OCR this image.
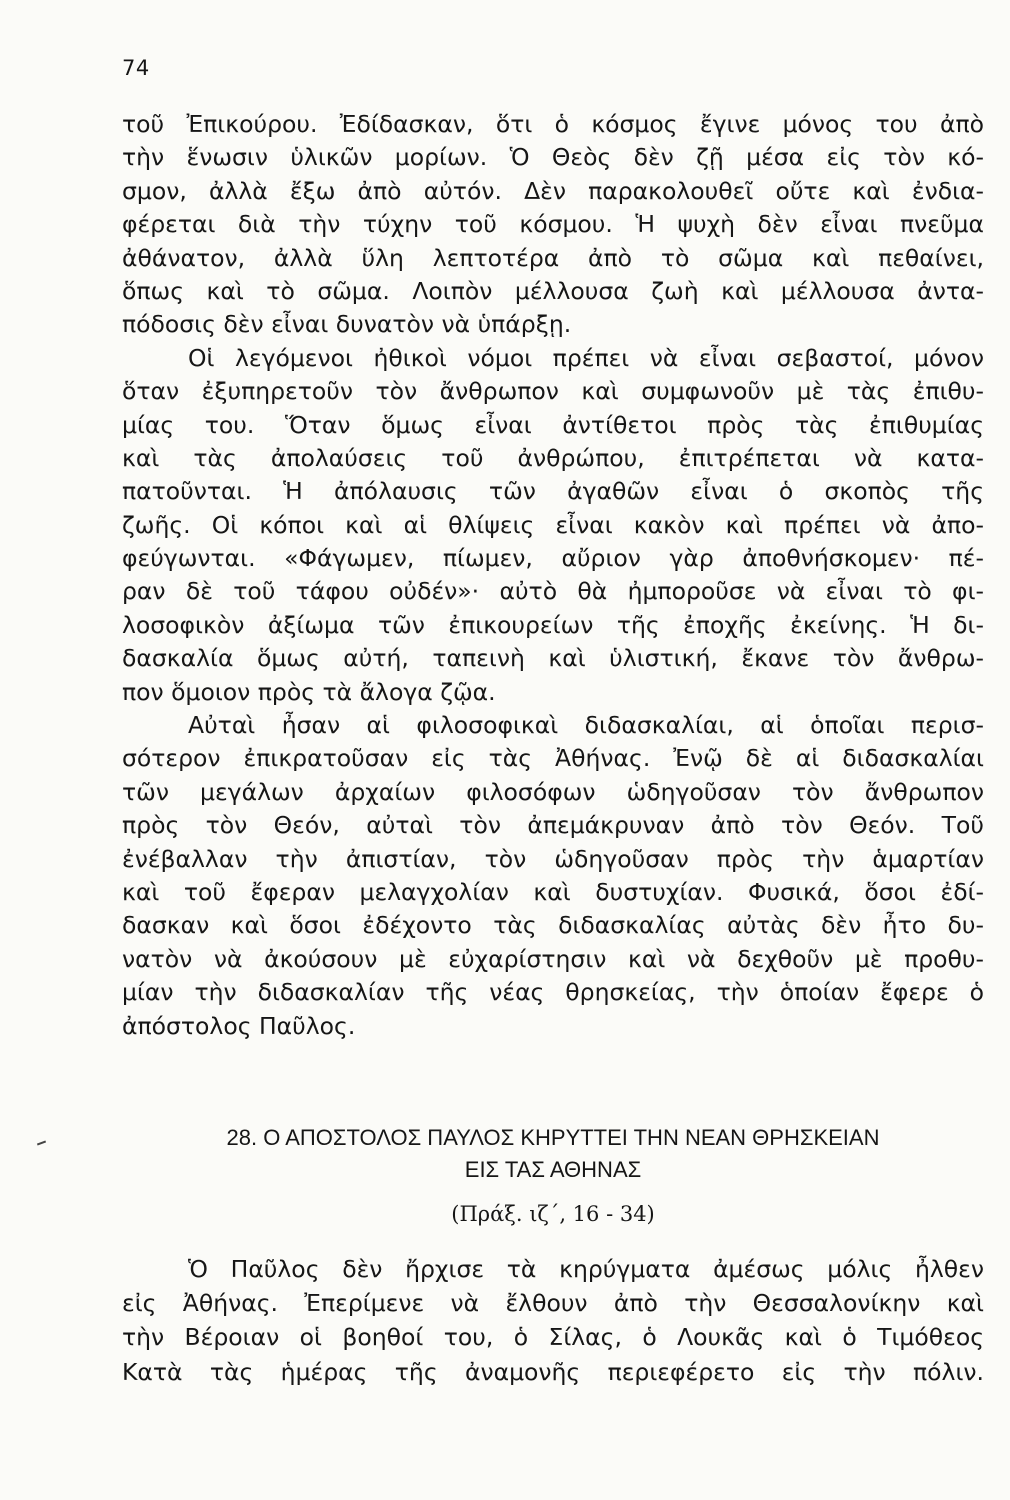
74
τοῦ Ἐπικούρου. Ἐδίδασκαν, ὅτι ὁ κόσμος ἔγινε μόνος του ἀπὸ
τὴν ἕνωσιν ὑλικῶν μορίων. Ὁ Θεὸς δὲν ζῇ μέσα εἰς τὸν κό-
σμον, ἀλλὰ ἔξω ἀπὸ αὐτόν. Δὲν παρακολουθεῖ οὔτε καὶ ἐνδια-
φέρεται διὰ τὴν τύχην τοῦ κόσμου. Ἡ ψυχὴ δὲν εἶναι πνεῦμα
ἀθάνατον, ἀλλὰ ὕλη λεπτοτέρα ἀπὸ τὸ σῶμα καὶ πεθαίνει,
ὅπως καὶ τὸ σῶμα. Λοιπὸν μέλλουσα ζωὴ καὶ μέλλουσα ἀντα-
πόδοσις δὲν εἶναι δυνατὸν νὰ ὑπάρξῃ.
Οἱ λεγόμενοι ἠθικοὶ νόμοι πρέπει νὰ εἶναι σεβαστοί, μόνον
ὅταν ἐξυπηρετοῦν τὸν ἄνθρωπον καὶ συμφωνοῦν μὲ τὰς ἐπιθυ-
μίας του. Ὅταν ὅμως εἶναι ἀντίθετοι πρὸς τὰς ἐπιθυμίας
καὶ τὰς ἀπολαύσεις τοῦ ἀνθρώπου, ἐπιτρέπεται νὰ κατα-
πατοῦνται. Ἡ ἀπόλαυσις τῶν ἀγαθῶν εἶναι ὁ σκοπὸς τῆς
ζωῆς. Οἱ κόποι καὶ αἱ θλίψεις εἶναι κακὸν καὶ πρέπει νὰ ἀπο-
φεύγωνται. «Φάγωμεν, πίωμεν, αὔριον γὰρ ἀποθνήσκομεν· πέ-
ραν δὲ τοῦ τάφου οὐδέν»· αὐτὸ θὰ ἠμποροῦσε νὰ εἶναι τὸ φι-
λοσοφικὸν ἀξίωμα τῶν ἐπικουρείων τῆς ἐποχῆς ἐκείνης. Ἡ δι-
δασκαλία ὅμως αὐτή, ταπεινὴ καὶ ὑλιστική, ἔκανε τὸν ἄνθρω-
πον ὅμοιον πρὸς τὰ ἄλογα ζῷα.
Αὐταὶ ἦσαν αἱ φιλοσοφικαὶ διδασκαλίαι, αἱ ὁποῖαι περισ-
σότερον ἐπικρατοῦσαν εἰς τὰς Ἀθήνας. Ἐνῷ δὲ αἱ διδασκαλίαι
τῶν μεγάλων ἀρχαίων φιλοσόφων ὡδηγοῦσαν τὸν ἄνθρωπον
πρὸς τὸν Θεόν, αὐταὶ τὸν ἀπεμάκρυναν ἀπὸ τὸν Θεόν. Τοῦ
ἐνέβαλλαν τὴν ἀπιστίαν, τὸν ὡδηγοῦσαν πρὸς τὴν ἁμαρτίαν
καὶ τοῦ ἔφεραν μελαγχολίαν καὶ δυστυχίαν. Φυσικά, ὅσοι ἐδί-
δασκαν καὶ ὅσοι ἐδέχοντο τὰς διδασκαλίας αὐτὰς δὲν ἦτο δυ-
νατὸν νὰ ἀκούσουν μὲ εὐχαρίστησιν καὶ νὰ δεχθοῦν μὲ προθυ-
μίαν τὴν διδασκαλίαν τῆς νέας θρησκείας, τὴν ὁποίαν ἔφερε ὁ
ἀπόστολος Παῦλος.
28. Ο ΑΠΟΣΤΟΛΟΣ ΠΑΥΛΟΣ ΚΗΡΥΤΤΕΙ ΤΗΝ ΝΕΑΝ ΘΡΗΣΚΕΙΑΝ
ΕΙΣ ΤΑΣ ΑΘΗΝΑΣ
(Πράξ. ιζ΄, 16 - 34)
Ὁ Παῦλος δὲν ἤρχισε τὰ κηρύγματα ἀμέσως μόλις ἦλθεν
εἰς Ἀθήνας. Ἐπερίμενε νὰ ἔλθουν ἀπὸ τὴν Θεσσαλονίκην καὶ
τὴν Βέροιαν οἱ βοηθοί του, ὁ Σίλας, ὁ Λουκᾶς καὶ ὁ Τιμόθεος
Κατὰ τὰς ἡμέρας τῆς ἀναμονῆς περιεφέρετο εἰς τὴν πόλιν.
